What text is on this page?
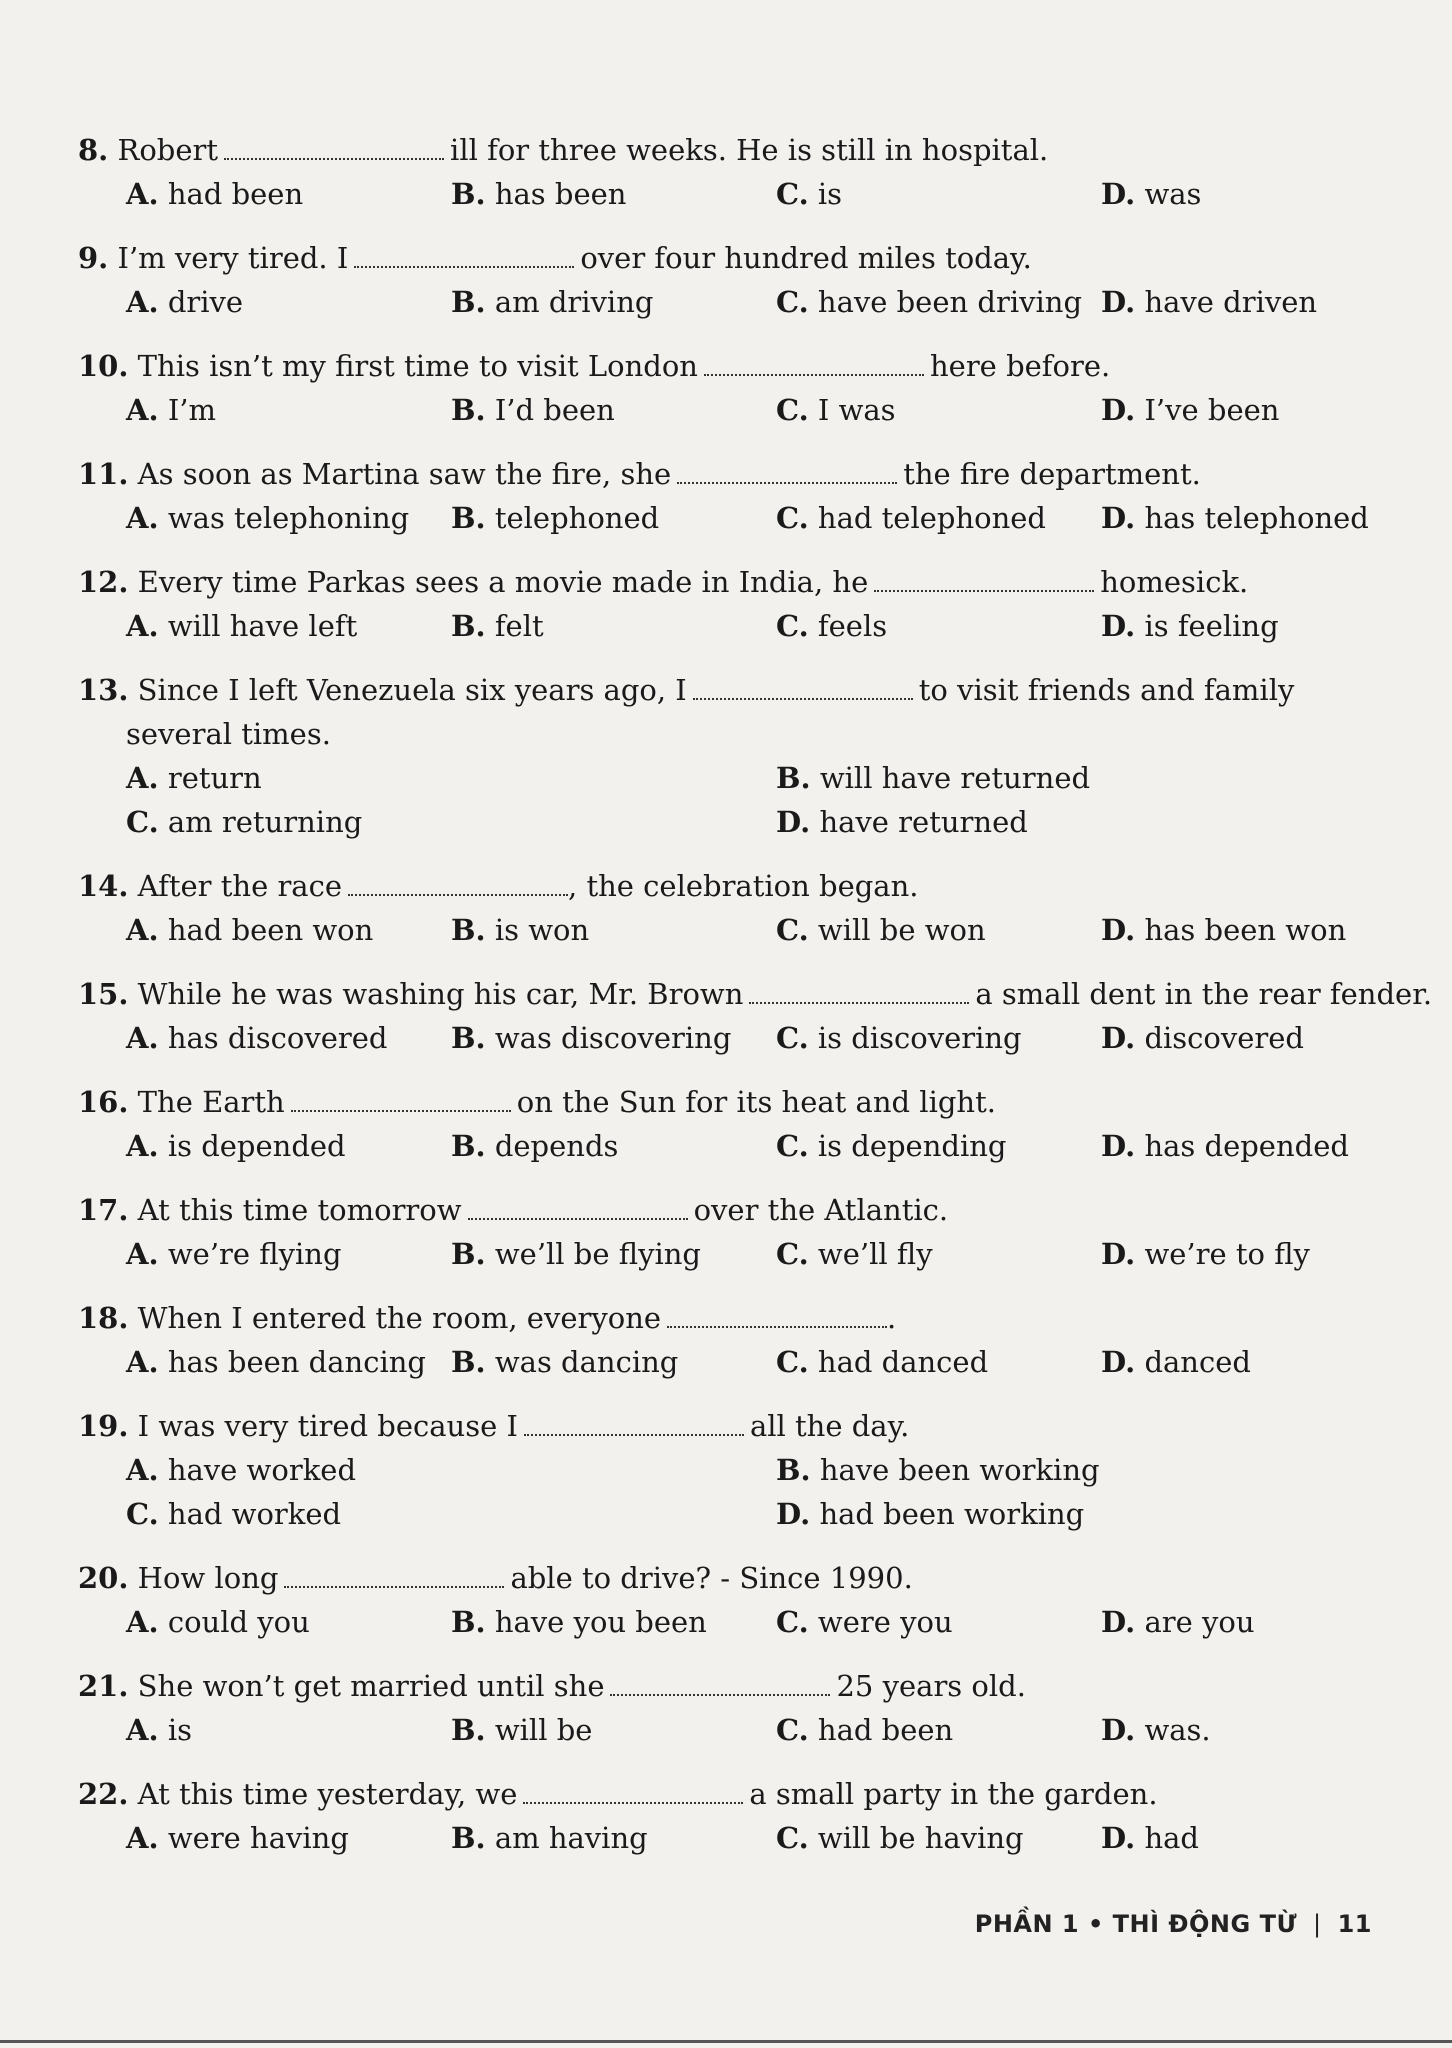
8. Robert	ill for three weeks. He is still in hospital.
A. had been	B. has been	C. is	D. was
9. I’m very tired. I	over four hundred miles today.
A. drive	B. am driving	C. have been driving D. have driven
10. This isn’t my first time to visit London	here before.
A. I’m	B. I’d been	C. I was	D. I’ve been
11. As soon as Martina saw the fire, she	the fire department.
A. was telephoning	B. telephoned	C. had telephoned	D. has telephoned
12. Every time Parkas sees a movie made in India, he	homesick.
A. will have left	B. felt	C. feels	D. is feeling
13. Since I left Venezuela six years ago, I	to visit friends and family
several times.
A. return	B. will have returned
C. am returning	D. have returned
14. After the race	, the celebration began.
A. had been won	B. is won	C. will be won	D. has been won
15. While he was washing his car, Mr. Brown	a small dent in the rear fender.
A. has discovered	B. was discovering	C. is discovering	D. discovered
16. The Earth	on the Sun for its heat and light.
A. is depended	B. depends	C. is depending	D. has depended
17. At this time tomorrow	over the Atlantic.
A. we’re flying	B. we’ll be flying	C. we’ll fly	D. we’re to fly
18. When I entered the room, everyone	.
A. has been dancing B. was dancing	C. had danced	D. danced
19. I was very tired because I	all the day.
A. have worked	B. have been working
C. had worked	D. had been working
20. How long	able to drive? - Since 1990.
A. could you	B. have you been	C. were you	D. are you
21. She won’t get married until she	25 years old.
A. is	B. will be	C. had been	D. was.
22. At this time yesterday, we	a small party in the garden.
A. were having	B. am having	C. will be having	D. had
PHẦN 1 • THÌ ĐỘNG TỪ | 11
